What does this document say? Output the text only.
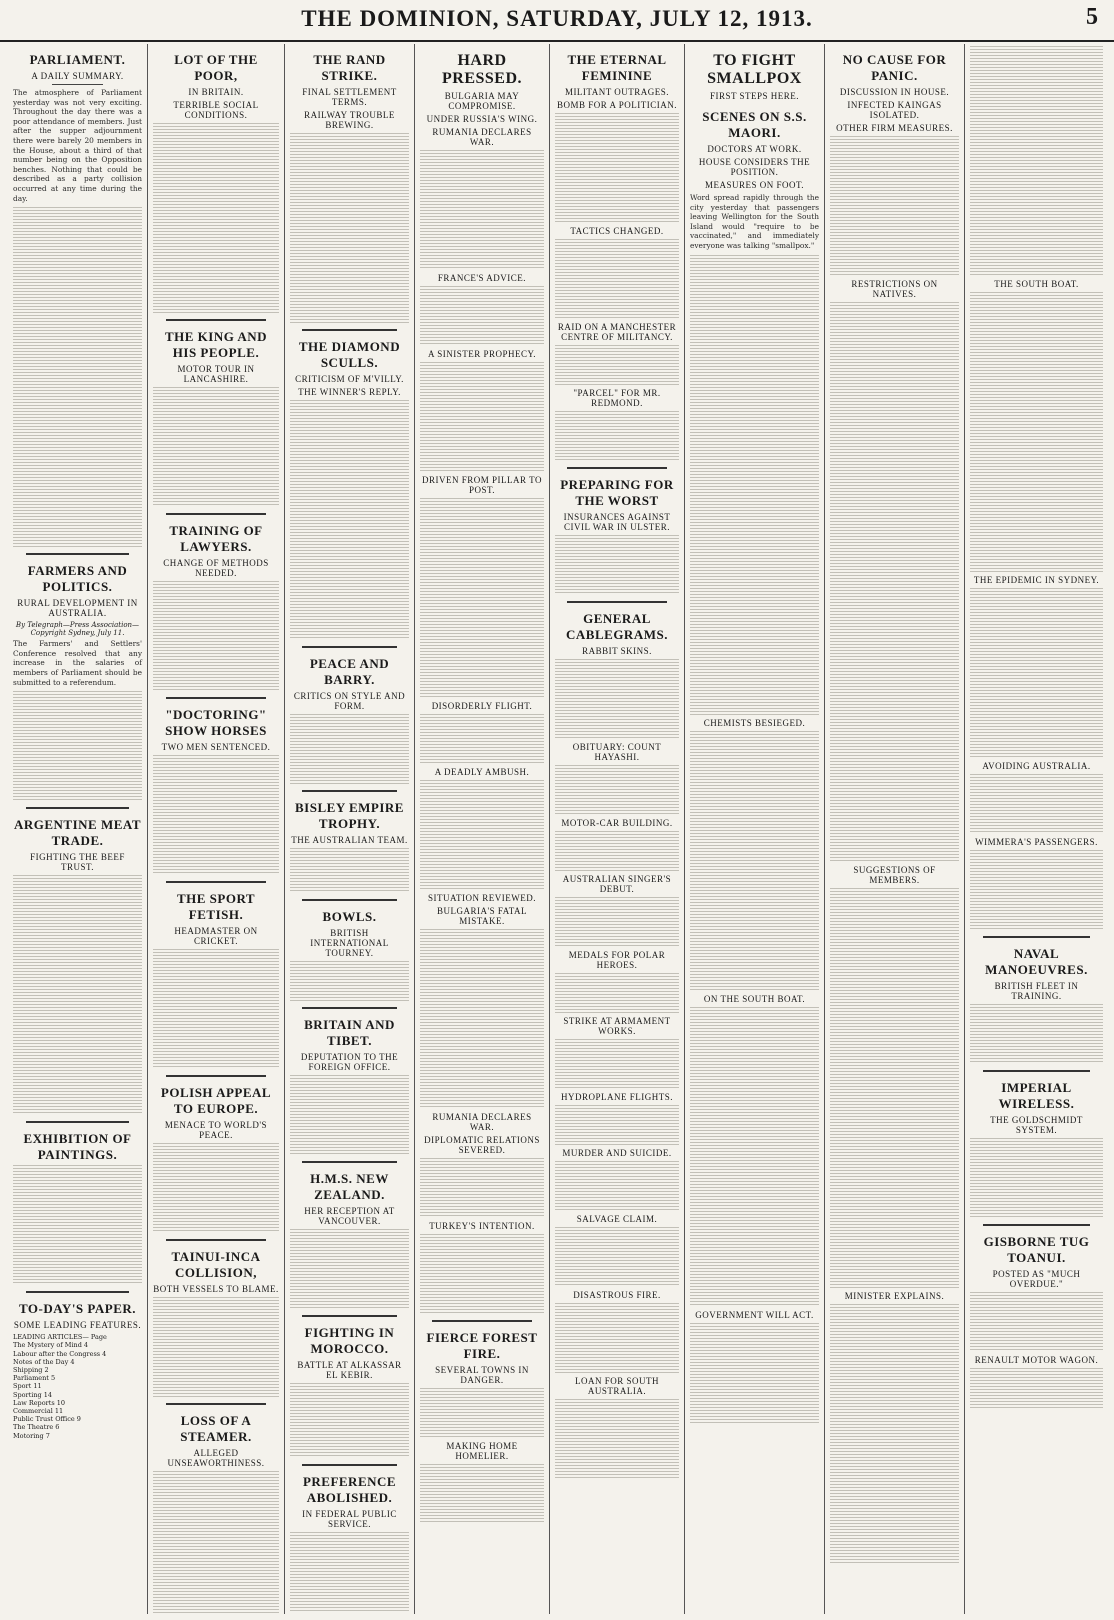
THE DOMINION, SATURDAY, JULY 12, 1913.	5
PARLIAMENT.
A DAILY SUMMARY.

The atmosphere of Parliament yesterday was not very exciting. Throughout the day there was a poor attendance of members. Just after the supper adjournment there were barely 20 members in the House, about a third of that number being on the Opposition benches. Nothing that could be described as a party collision occurred at any time during the day.

FARMERS AND POLITICS.
RURAL DEVELOPMENT IN AUSTRALIA.
By Telegraph—Press Association—Copyright Sydney, July 11.

The Farmers' and Settlers' Conference resolved that any increase in the salaries of members of Parliament should be submitted to a referendum.

ARGENTINE MEAT TRADE.
FIGHTING THE BEEF TRUST.
EXHIBITION OF PAINTINGS.
TO-DAY'S PAPER.
SOME LEADING FEATURES.
LEADING ARTICLES— Page
The Mystery of Mind 4
Labour after the Congress 4
Notes of the Day 4
Shipping 2
Parliament 5
Sport 11
Sporting 14
Law Reports 10
Commercial 11
Public Trust Office 9
The Theatre 6
Motoring 7
LOT OF THE POOR,
IN BRITAIN.
TERRIBLE SOCIAL CONDITIONS.
THE KING AND HIS PEOPLE.
MOTOR TOUR IN LANCASHIRE.
TRAINING OF LAWYERS.
CHANGE OF METHODS NEEDED.
"DOCTORING" SHOW HORSES
TWO MEN SENTENCED.
THE SPORT FETISH.
HEADMASTER ON CRICKET.
POLISH APPEAL TO EUROPE.
MENACE TO WORLD'S PEACE.
TAINUI-INCA COLLISION,
BOTH VESSELS TO BLAME.
LOSS OF A STEAMER.
ALLEGED UNSEAWORTHINESS.
THE RAND STRIKE.
FINAL SETTLEMENT TERMS.
RAILWAY TROUBLE BREWING.
THE DIAMOND SCULLS.
CRITICISM OF M'VILLY.
THE WINNER'S REPLY.
PEACE AND BARRY.
CRITICS ON STYLE AND FORM.
BISLEY EMPIRE TROPHY.
THE AUSTRALIAN TEAM.
BOWLS.
BRITISH INTERNATIONAL TOURNEY.
BRITAIN AND TIBET.
DEPUTATION TO THE FOREIGN OFFICE.
H.M.S. NEW ZEALAND.
HER RECEPTION AT VANCOUVER.
FIGHTING IN MOROCCO.
BATTLE AT ALKASSAR EL KEBIR.
PREFERENCE ABOLISHED.
IN FEDERAL PUBLIC SERVICE.
HARD PRESSED.
BULGARIA MAY COMPROMISE.
UNDER RUSSIA'S WING.
RUMANIA DECLARES WAR.
FRANCE'S ADVICE.
A SINISTER PROPHECY.
DRIVEN FROM PILLAR TO POST.
DISORDERLY FLIGHT.
A DEADLY AMBUSH.
SITUATION REVIEWED.
BULGARIA'S FATAL MISTAKE.
RUMANIA DECLARES WAR.
DIPLOMATIC RELATIONS SEVERED.
TURKEY'S INTENTION.
FIERCE FOREST FIRE.
SEVERAL TOWNS IN DANGER.
MAKING HOME HOMELIER.
THE ETERNAL FEMININE
MILITANT OUTRAGES.
BOMB FOR A POLITICIAN.
TACTICS CHANGED.
RAID ON A MANCHESTER CENTRE OF MILITANCY.
"PARCEL" FOR MR. REDMOND.
PREPARING FOR THE WORST
INSURANCES AGAINST CIVIL WAR IN ULSTER.
GENERAL CABLEGRAMS.
RABBIT SKINS.
OBITUARY: COUNT HAYASHI.
MOTOR-CAR BUILDING.
AUSTRALIAN SINGER'S DEBUT.
MEDALS FOR POLAR HEROES.
STRIKE AT ARMAMENT WORKS.
HYDROPLANE FLIGHTS.
MURDER AND SUICIDE.
SALVAGE CLAIM.
DISASTROUS FIRE.
LOAN FOR SOUTH AUSTRALIA.
TO FIGHT SMALLPOX
FIRST STEPS HERE.
SCENES ON S.S. MAORI.
DOCTORS AT WORK.
HOUSE CONSIDERS THE POSITION.
MEASURES ON FOOT.

Word spread rapidly through the city yesterday that passengers leaving Wellington for the South Island would "require to be vaccinated," and immediately everyone was talking "smallpox."

CHEMISTS BESIEGED.
ON THE SOUTH BOAT.
GOVERNMENT WILL ACT.
NO CAUSE FOR PANIC.
DISCUSSION IN HOUSE.
INFECTED KAINGAS ISOLATED.
OTHER FIRM MEASURES.
RESTRICTIONS ON NATIVES.
SUGGESTIONS OF MEMBERS.
MINISTER EXPLAINS.
THE SOUTH BOAT.
THE EPIDEMIC IN SYDNEY.
AVOIDING AUSTRALIA.
WIMMERA'S PASSENGERS.
NAVAL MANOEUVRES.
BRITISH FLEET IN TRAINING.
IMPERIAL WIRELESS.
THE GOLDSCHMIDT SYSTEM.
GISBORNE TUG TOANUI.
POSTED AS "MUCH OVERDUE."
RENAULT MOTOR WAGON.
